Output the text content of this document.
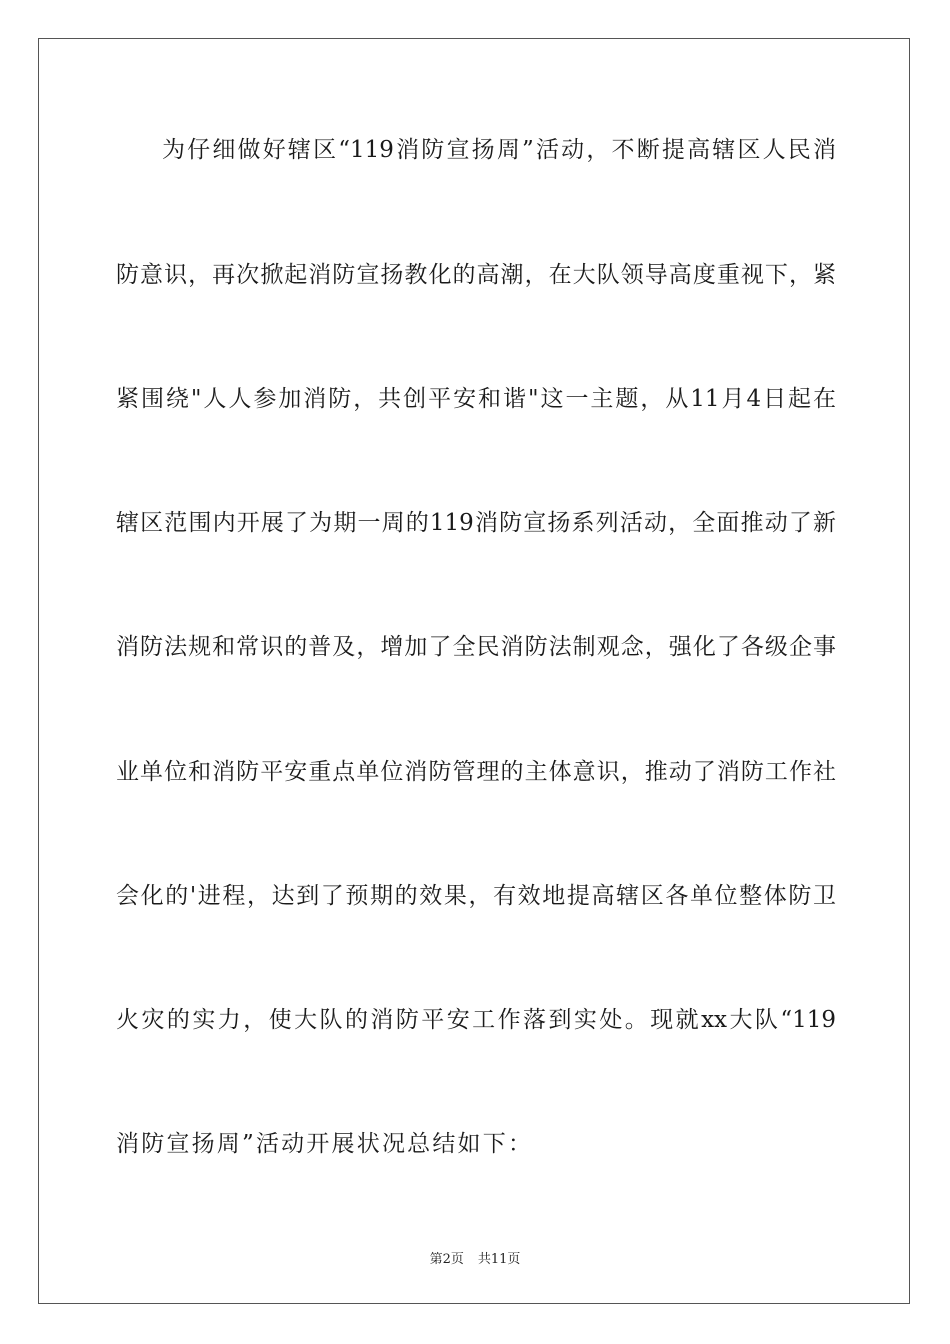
为仔细做好辖区“119消防宣扬周”活动，不断提高辖区人民消
防意识，再次掀起消防宣扬教化的高潮，在大队领导高度重视下，紧
紧围绕"人人参加消防，共创平安和谐"这一主题，从11月4日起在
辖区范围内开展了为期一周的119消防宣扬系列活动，全面推动了新
消防法规和常识的普及，增加了全民消防法制观念，强化了各级企事
业单位和消防平安重点单位消防管理的主体意识，推动了消防工作社
会化的'进程，达到了预期的效果，有效地提高辖区各单位整体防卫
火灾的实力，使大队的消防平安工作落到实处。现就xx大队“119
消防宣扬周”活动开展状况总结如下：
第2页 共11页
